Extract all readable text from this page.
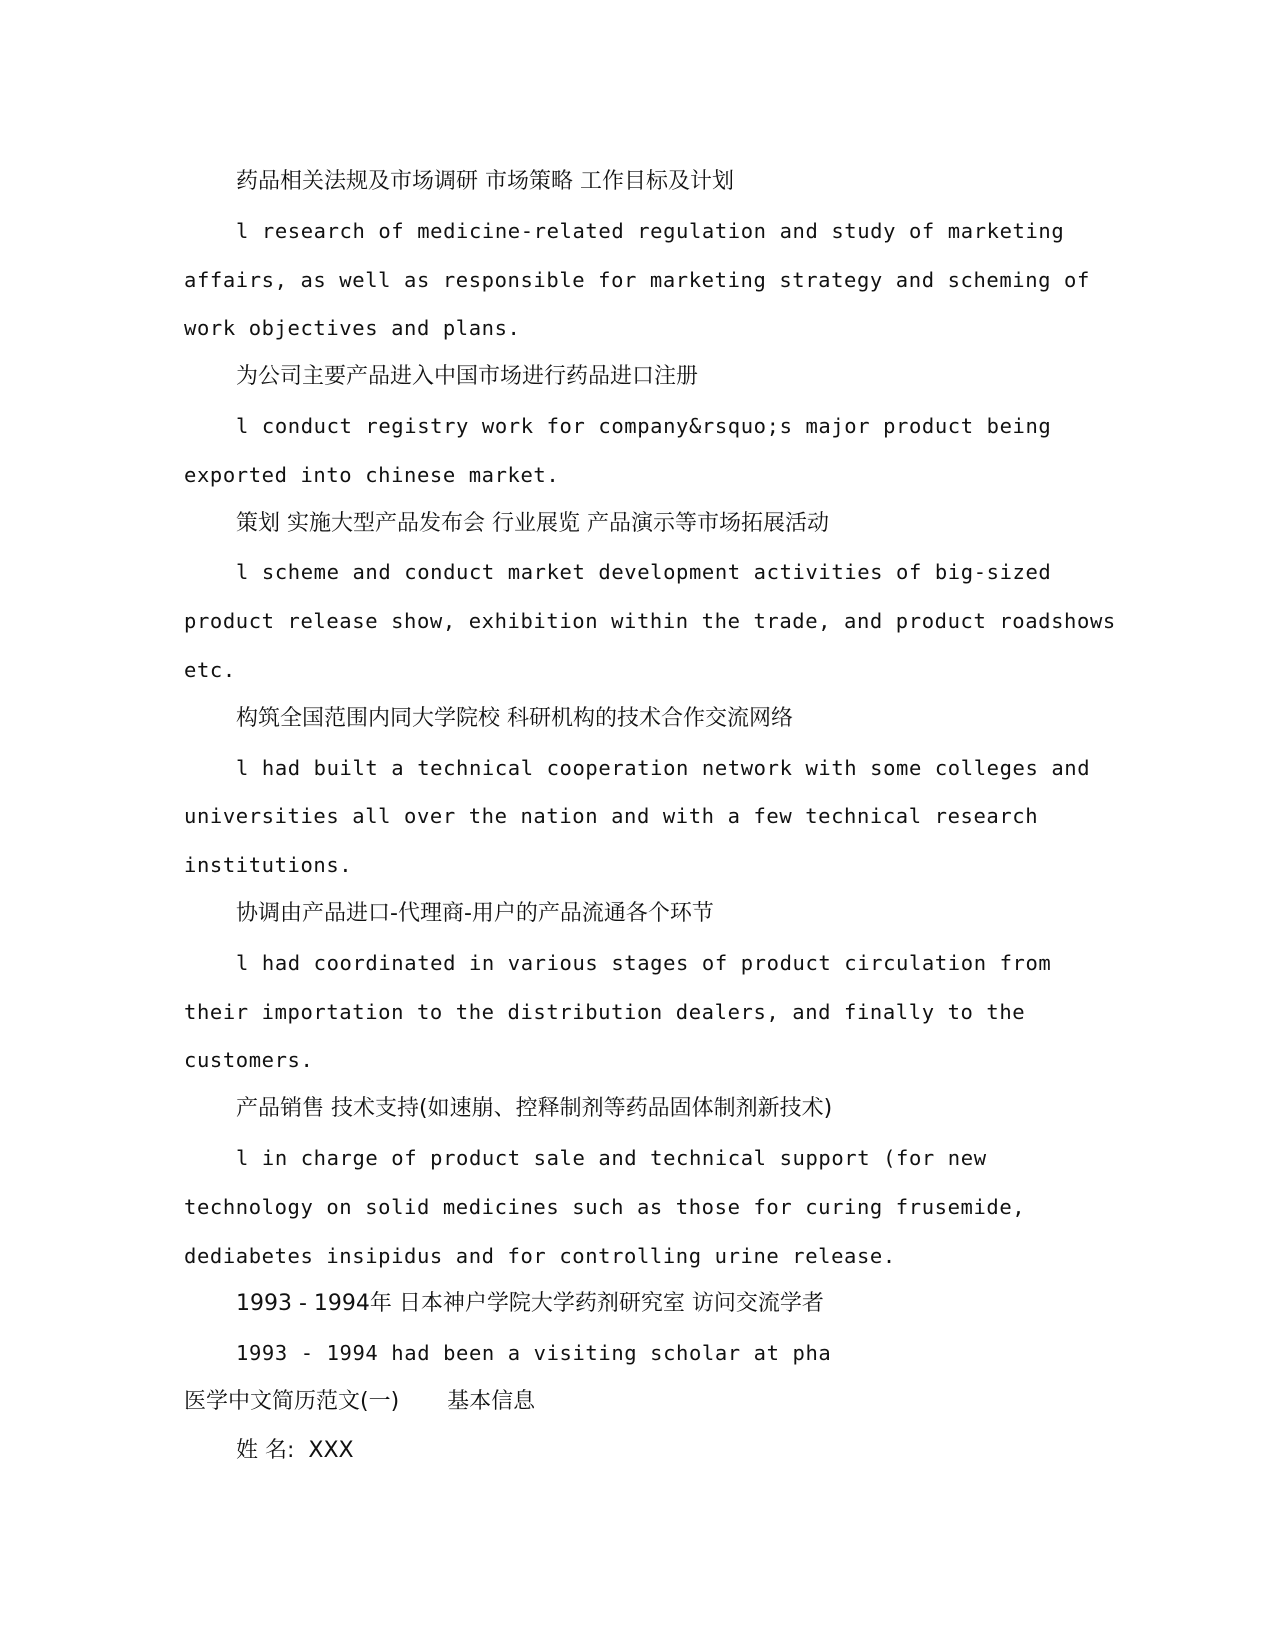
药品相关法规及市场调研 市场策略 工作目标及计划
l research of medicine-related regulation and study of marketing
affairs, as well as responsible for marketing strategy and scheming of
work objectives and plans.
为公司主要产品进入中国市场进行药品进口注册
l conduct registry work for company&rsquo;s major product being
exported into chinese market.
策划 实施大型产品发布会 行业展览 产品演示等市场拓展活动
l scheme and conduct market development activities of big-sized
product release show, exhibition within the trade, and product roadshows
etc.
构筑全国范围内同大学院校 科研机构的技术合作交流网络
l had built a technical cooperation network with some colleges and
universities all over the nation and with a few technical research
institutions.
协调由产品进口-代理商-用户的产品流通各个环节
l had coordinated in various stages of product circulation from
their importation to the distribution dealers, and finally to the
customers.
产品销售 技术支持(如速崩、控释制剂等药品固体制剂新技术)
l in charge of product sale and technical support (for new
technology on solid medicines such as those for curing frusemide,
dediabetes insipidus and for controlling urine release.
1993 - 1994年 日本神户学院大学药剂研究室 访问交流学者
1993 - 1994 had been a visiting scholar at pha
医学中文简历范文(一) 基本信息
姓 名: XXX
